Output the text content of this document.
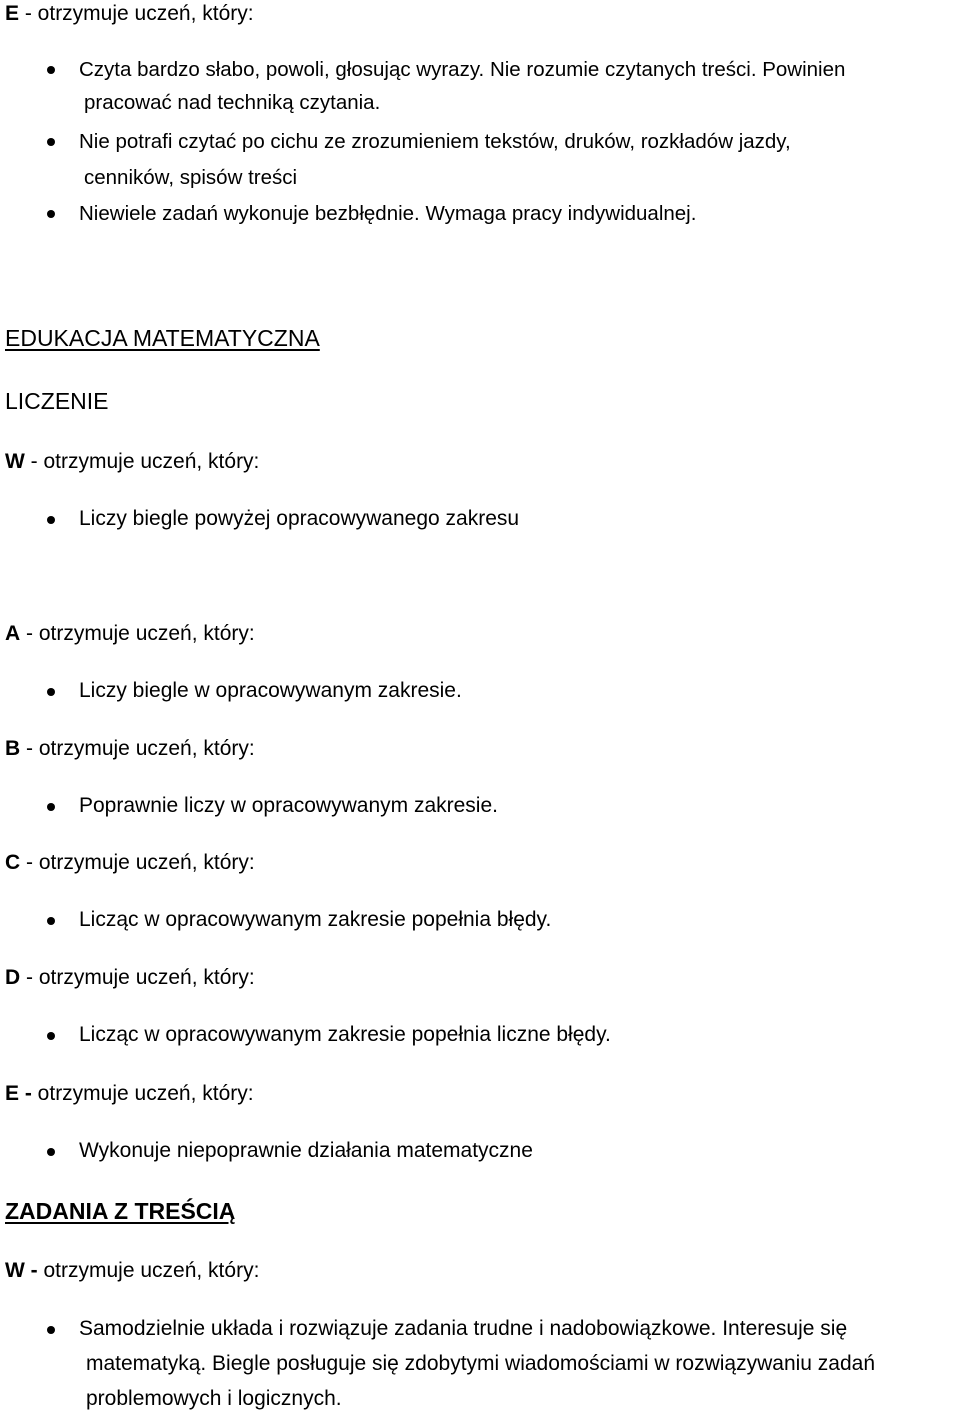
E - otrzymuje uczeń, który:
Czyta bardzo słabo, powoli, głosując wyrazy. Nie rozumie czytanych treści. Powinien
pracować nad techniką czytania.
Nie potrafi czytać po cichu ze zrozumieniem tekstów, druków, rozkładów jazdy,
cenników, spisów treści
Niewiele zadań wykonuje bezbłędnie. Wymaga pracy indywidualnej.
EDUKACJA MATEMATYCZNA
LICZENIE
W - otrzymuje uczeń, który:
Liczy biegle powyżej opracowywanego zakresu
A - otrzymuje uczeń, który:
Liczy biegle w opracowywanym zakresie.
B - otrzymuje uczeń, który:
Poprawnie liczy w opracowywanym zakresie.
C - otrzymuje uczeń, który:
Licząc w opracowywanym zakresie popełnia błędy.
D - otrzymuje uczeń, który:
Licząc w opracowywanym zakresie popełnia liczne błędy.
E - otrzymuje uczeń, który:
Wykonuje niepoprawnie działania matematyczne
ZADANIA Z TREŚCIĄ
W - otrzymuje uczeń, który:
Samodzielnie układa i rozwiązuje zadania trudne i nadobowiązkowe. Interesuje się
matematyką. Biegle posługuje się zdobytymi wiadomościami w rozwiązywaniu zadań
problemowych i logicznych.
